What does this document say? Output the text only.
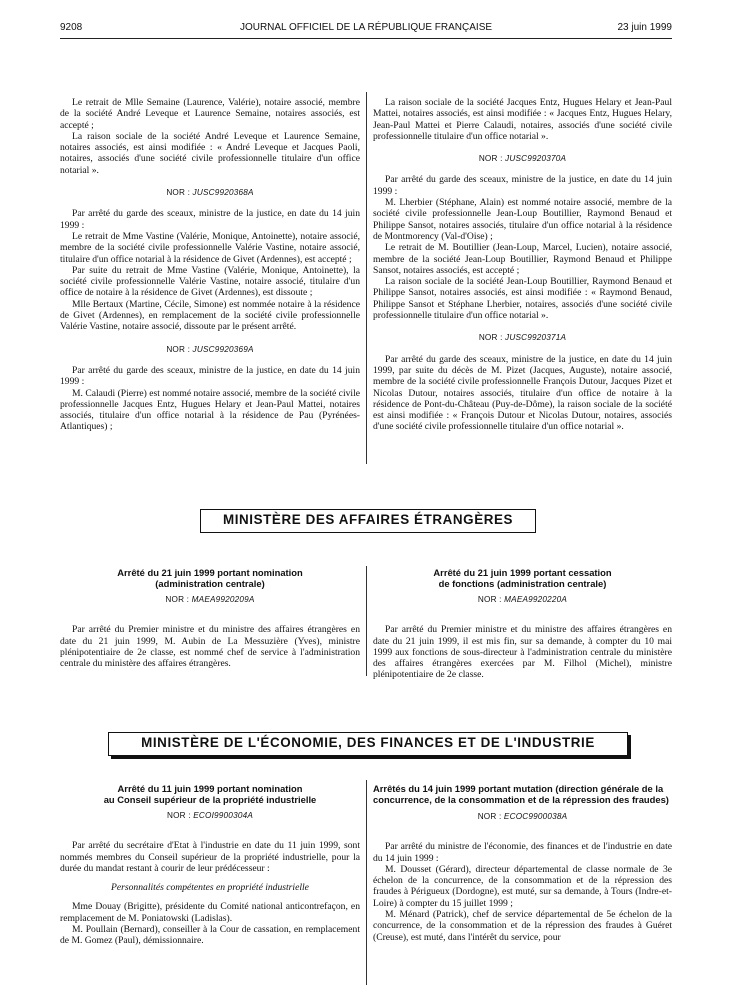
9208	JOURNAL OFFICIEL DE LA RÉPUBLIQUE FRANÇAISE	23 juin 1999

Le retrait de Mlle Semaine (Laurence, Valérie), notaire associé, membre de la société André Leveque et Laurence Semaine, notaires associés, est accepté ;

La raison sociale de la société André Leveque et Laurence Semaine, notaires associés, est ainsi modifiée : « André Leveque et Jacques Paoli, notaires, associés d'une société civile professionnelle titulaire d'un office notarial ».

NOR : JUSC9920368A

Par arrêté du garde des sceaux, ministre de la justice, en date du 14 juin 1999 :

Le retrait de Mme Vastine (Valérie, Monique, Antoinette), notaire associé, membre de la société civile professionnelle Valérie Vastine, notaire associé, titulaire d'un office notarial à la résidence de Givet (Ardennes), est accepté ;

Par suite du retrait de Mme Vastine (Valérie, Monique, Antoinette), la société civile professionnelle Valérie Vastine, notaire associé, titulaire d'un office de notaire à la résidence de Givet (Ardennes), est dissoute ;

Mlle Bertaux (Martine, Cécile, Simone) est nommée notaire à la résidence de Givet (Ardennes), en remplacement de la société civile professionnelle Valérie Vastine, notaire associé, dissoute par le présent arrêté.

NOR : JUSC9920369A

Par arrêté du garde des sceaux, ministre de la justice, en date du 14 juin 1999 :

M. Calaudi (Pierre) est nommé notaire associé, membre de la société civile professionnelle Jacques Entz, Hugues Helary et Jean-Paul Mattei, notaires associés, titulaire d'un office notarial à la résidence de Pau (Pyrénées-Atlantiques) ;

La raison sociale de la société Jacques Entz, Hugues Helary et Jean-Paul Mattei, notaires associés, est ainsi modifiée : « Jacques Entz, Hugues Helary, Jean-Paul Mattei et Pierre Calaudi, notaires, associés d'une société civile professionnelle titulaire d'un office notarial ».

NOR : JUSC9920370A

Par arrêté du garde des sceaux, ministre de la justice, en date du 14 juin 1999 :

M. Lherbier (Stéphane, Alain) est nommé notaire associé, membre de la société civile professionnelle Jean-Loup Boutillier, Raymond Benaud et Philippe Sansot, notaires associés, titulaire d'un office notarial à la résidence de Montmorency (Val-d'Oise) ;

Le retrait de M. Boutillier (Jean-Loup, Marcel, Lucien), notaire associé, membre de la société Jean-Loup Boutillier, Raymond Benaud et Philippe Sansot, notaires associés, est accepté ;

La raison sociale de la société Jean-Loup Boutillier, Raymond Benaud et Philippe Sansot, notaires associés, est ainsi modifiée : « Raymond Benaud, Philippe Sansot et Stéphane Lherbier, notaires, associés d'une société civile professionnelle titulaire d'un office notarial ».

NOR : JUSC9920371A

Par arrêté du garde des sceaux, ministre de la justice, en date du 14 juin 1999, par suite du décès de M. Pizet (Jacques, Auguste), notaire associé, membre de la société civile professionnelle François Dutour, Jacques Pizet et Nicolas Dutour, notaires associés, titulaire d'un office de notaire à la résidence de Pont-du-Château (Puy-de-Dôme), la raison sociale de la société est ainsi modifiée : « François Dutour et Nicolas Dutour, notaires, associés d'une société civile professionnelle titulaire d'un office notarial ».

MINISTÈRE DES AFFAIRES ÉTRANGÈRES
Arrêté du 21 juin 1999 portant nomination
(administration centrale)
NOR : MAEA9920209A

Par arrêté du Premier ministre et du ministre des affaires étrangères en date du 21 juin 1999, M. Aubin de La Messuzière (Yves), ministre plénipotentiaire de 2e classe, est nommé chef de service à l'administration centrale du ministère des affaires étrangères.

Arrêté du 21 juin 1999 portant cessation
de fonctions (administration centrale)
NOR : MAEA9920220A

Par arrêté du Premier ministre et du ministre des affaires étrangères en date du 21 juin 1999, il est mis fin, sur sa demande, à compter du 10 mai 1999 aux fonctions de sous-directeur à l'administration centrale du ministère des affaires étrangères exercées par M. Filhol (Michel), ministre plénipotentiaire de 2e classe.

MINISTÈRE DE L'ÉCONOMIE, DES FINANCES ET DE L'INDUSTRIE
Arrêté du 11 juin 1999 portant nomination
au Conseil supérieur de la propriété industrielle
NOR : ECOI9900304A

Par arrêté du secrétaire d'Etat à l'industrie en date du 11 juin 1999, sont nommés membres du Conseil supérieur de la propriété industrielle, pour la durée du mandat restant à courir de leur prédécesseur :

Personnalités compétentes en propriété industrielle

Mme Douay (Brigitte), présidente du Comité national anticontrefaçon, en remplacement de M. Poniatowski (Ladislas).

M. Poullain (Bernard), conseiller à la Cour de cassation, en remplacement de M. Gomez (Paul), démissionnaire.

Arrêtés du 14 juin 1999 portant mutation (direction générale de la concurrence, de la consommation et de la répression des fraudes)
NOR : ECOC9900038A

Par arrêté du ministre de l'économie, des finances et de l'industrie en date du 14 juin 1999 :

M. Dousset (Gérard), directeur départemental de classe normale de 3e échelon de la concurrence, de la consommation et de la répression des fraudes à Périgueux (Dordogne), est muté, sur sa demande, à Tours (Indre-et-Loire) à compter du 15 juillet 1999 ;

M. Ménard (Patrick), chef de service départemental de 5e échelon de la concurrence, de la consommation et de la répression des fraudes à Guéret (Creuse), est muté, dans l'intérêt du service, pour
